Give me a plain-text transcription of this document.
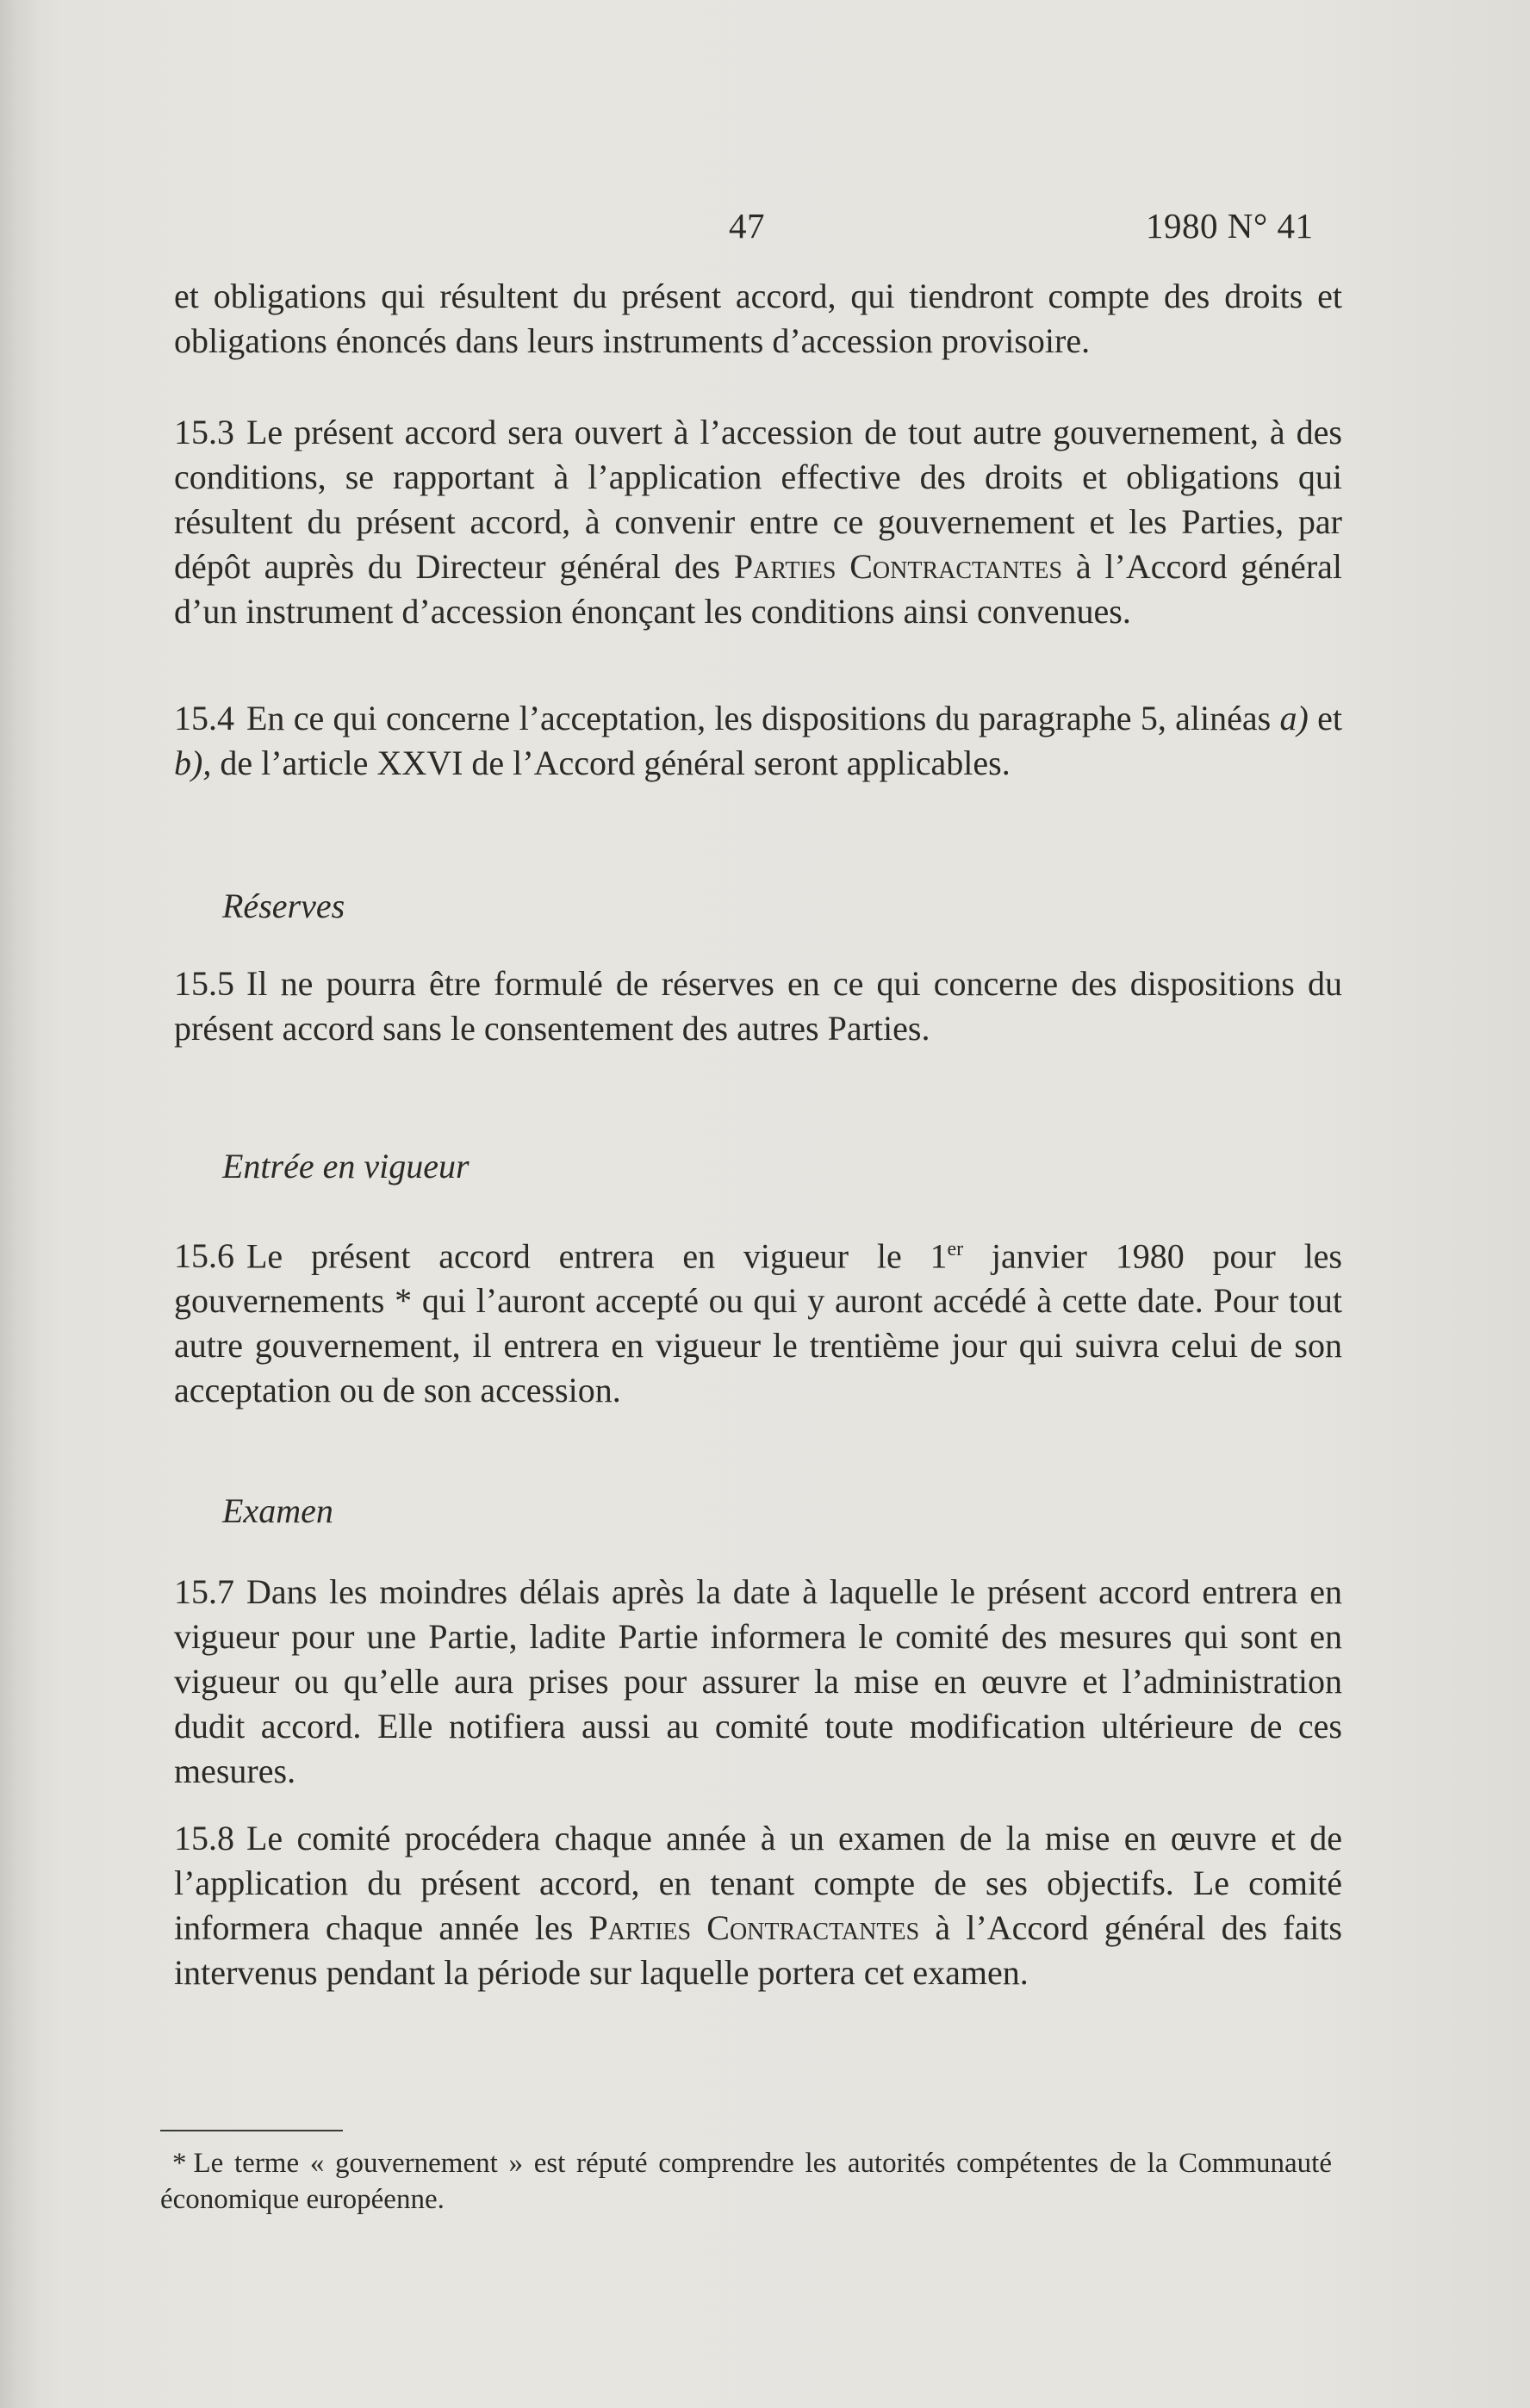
47	1980 N° 41

et obligations qui résultent du présent accord, qui tiendront compte des droits et obligations énoncés dans leurs instruments d’accession provisoire.

15.3 Le présent accord sera ouvert à l’accession de tout autre gouvernement, à des conditions, se rapportant à l’application effective des droits et obligations qui résultent du présent accord, à convenir entre ce gouvernement et les Parties, par dépôt auprès du Directeur général des Parties Contractantes à l’Accord général d’un instrument d’accession énonçant les conditions ainsi convenues.

15.4 En ce qui concerne l’acceptation, les dispositions du paragraphe 5, alinéas a) et b), de l’article XXVI de l’Accord général seront applicables.

Réserves

15.5 Il ne pourra être formulé de réserves en ce qui concerne des dispositions du présent accord sans le consentement des autres Parties.

Entrée en vigueur

15.6 Le présent accord entrera en vigueur le 1er janvier 1980 pour les gouvernements * qui l’auront accepté ou qui y auront accédé à cette date. Pour tout autre gouvernement, il entrera en vigueur le trentième jour qui suivra celui de son acceptation ou de son accession.

Examen

15.7 Dans les moindres délais après la date à laquelle le présent accord entrera en vigueur pour une Partie, ladite Partie informera le comité des mesures qui sont en vigueur ou qu’elle aura prises pour assurer la mise en œuvre et l’administration dudit accord. Elle notifiera aussi au comité toute modification ultérieure de ces mesures.

15.8 Le comité procédera chaque année à un examen de la mise en œuvre et de l’application du présent accord, en tenant compte de ses objectifs. Le comité informera chaque année les Parties Contractantes à l’Accord général des faits intervenus pendant la période sur laquelle portera cet examen.

* Le terme « gouvernement » est réputé comprendre les autorités compétentes de la Communauté économique européenne.
